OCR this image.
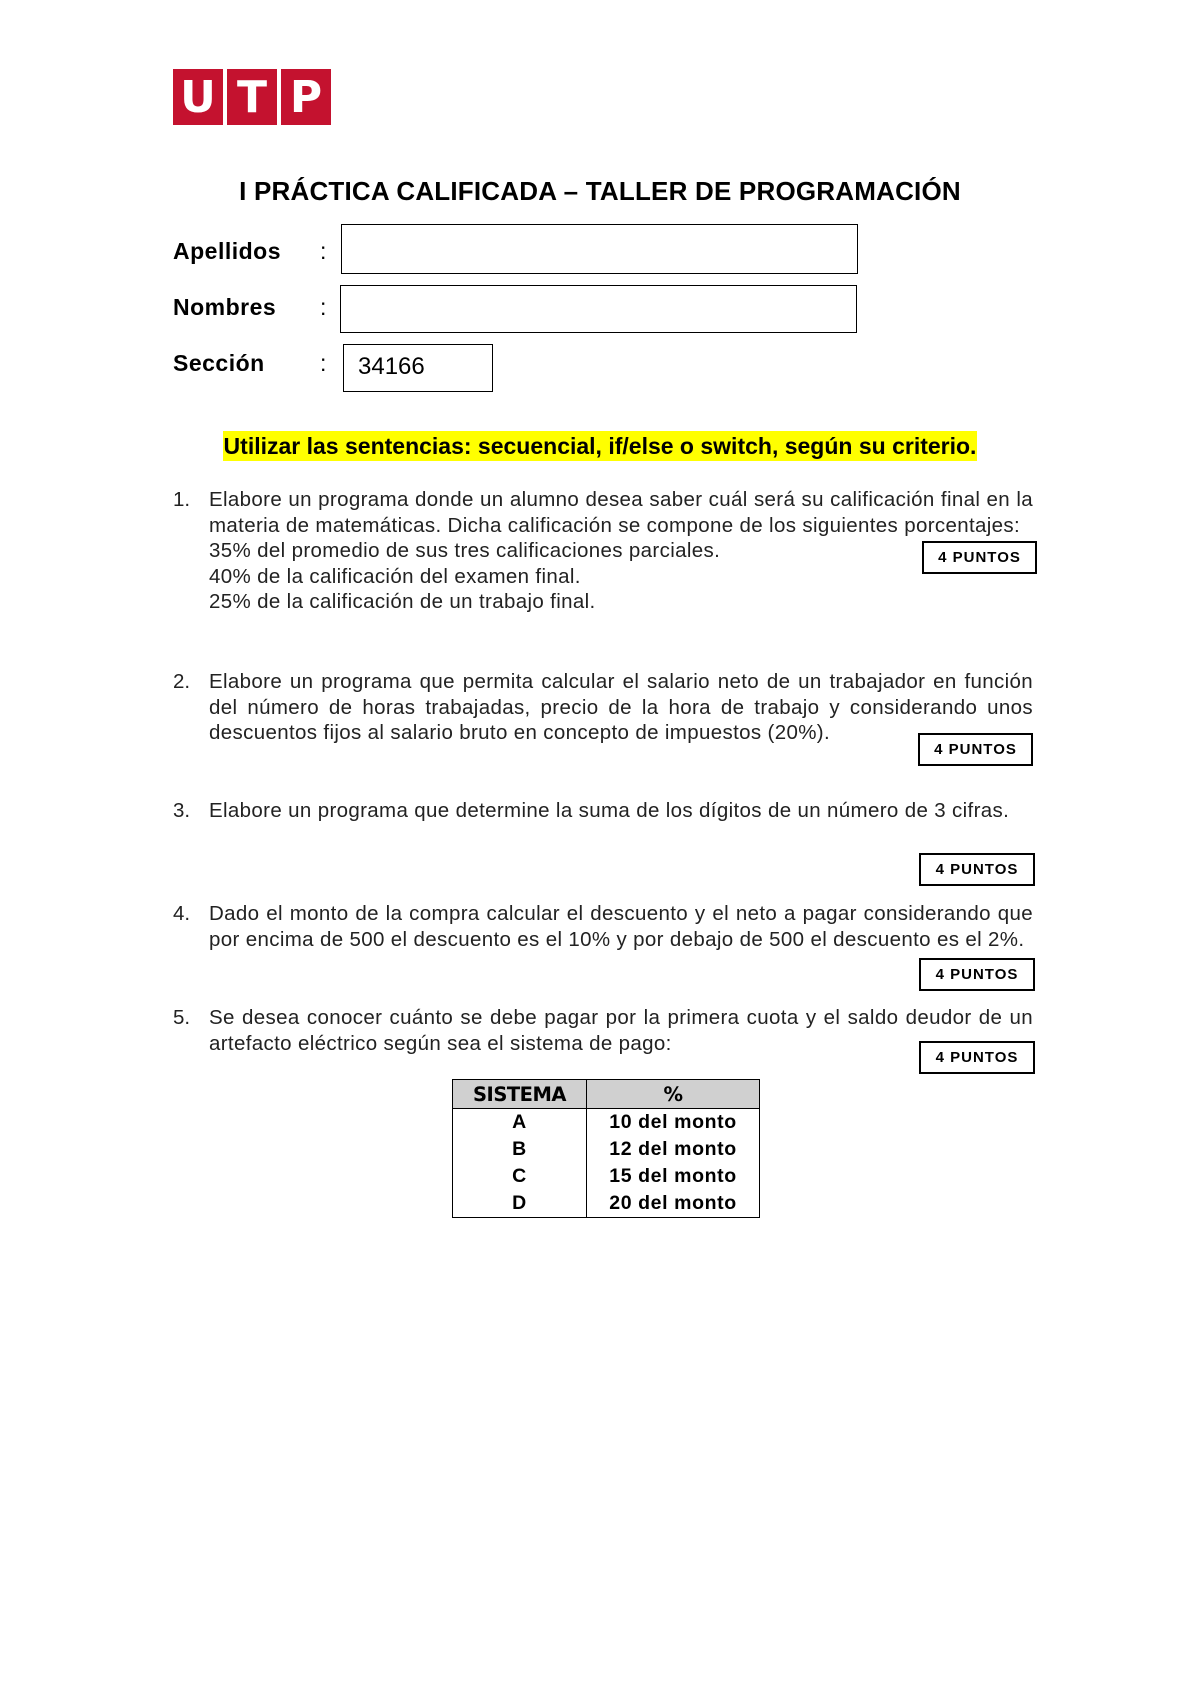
U T P
I PRÁCTICA CALIFICADA – TALLER DE PROGRAMACIÓN
Apellidos :
Nombres :
Sección :	34166
Utilizar las sentencias: secuencial, if/else o switch, según su criterio.
1. Elabore un programa donde un alumno desea saber cuál será su calificación final en la materia de matemáticas. Dicha calificación se compone de los siguientes porcentajes:
35% del promedio de sus tres calificaciones parciales.
40% de la calificación del examen final.
25% de la calificación de un trabajo final.
4 PUNTOS
2. Elabore un programa que permita calcular el salario neto de un trabajador en función del número de horas trabajadas, precio de la hora de trabajo y considerando unos descuentos fijos al salario bruto en concepto de impuestos (20%).
4 PUNTOS
3. Elabore un programa que determine la suma de los dígitos de un número de 3 cifras.
4 PUNTOS
4. Dado el monto de la compra calcular el descuento y el neto a pagar considerando que por encima de 500 el descuento es el 10% y por debajo de 500 el descuento es el 2%.
4 PUNTOS
5. Se desea conocer cuánto se debe pagar por la primera cuota y el saldo deudor de un artefacto eléctrico según sea el sistema de pago:
4 PUNTOS
SISTEMA	%
A	10 del monto
B	12 del monto
C	15 del monto
D	20 del monto
